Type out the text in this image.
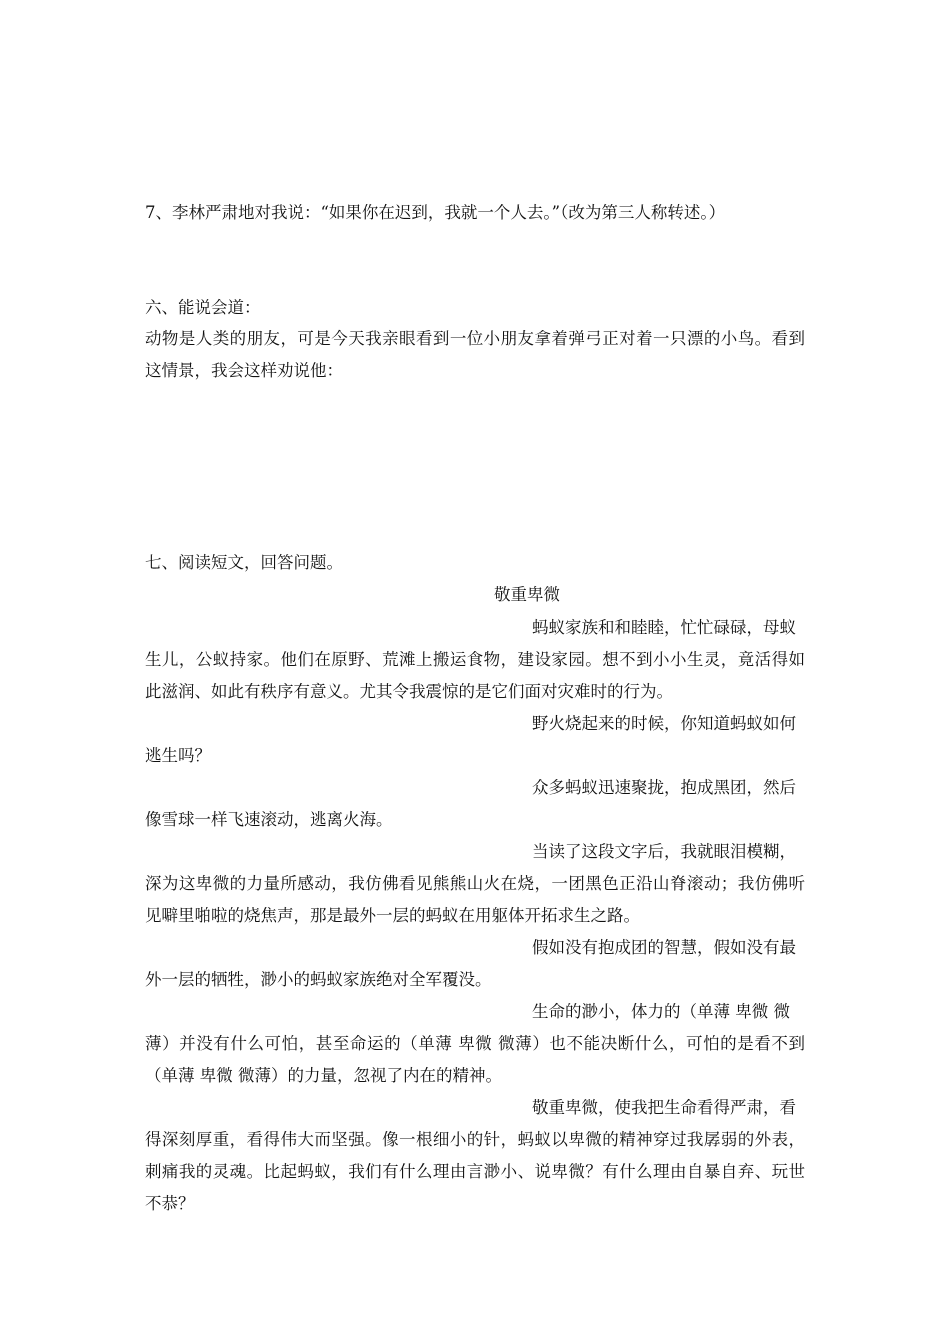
7、李林严肃地对我说：“如果你在迟到，我就一个人去。”（改为第三人称转述。）
六、能说会道：
动物是人类的朋友，可是今天我亲眼看到一位小朋友拿着弹弓正对着一只漂的小鸟。看到
这情景，我会这样劝说他：
七、阅读短文，回答问题。
敬重卑微
蚂蚁家族和和睦睦，忙忙碌碌，母蚁
生儿，公蚁持家。他们在原野、荒滩上搬运食物，建设家园。想不到小小生灵，竟活得如
此滋润、如此有秩序有意义。尤其令我震惊的是它们面对灾难时的行为。
野火烧起来的时候，你知道蚂蚁如何
逃生吗？
众多蚂蚁迅速聚拢，抱成黑团，然后
像雪球一样飞速滚动，逃离火海。
当读了这段文字后，我就眼泪模糊，
深为这卑微的力量所感动，我仿佛看见熊熊山火在烧，一团黑色正沿山脊滚动；我仿佛听
见噼里啪啦的烧焦声，那是最外一层的蚂蚁在用躯体开拓求生之路。
假如没有抱成团的智慧，假如没有最
外一层的牺牲，渺小的蚂蚁家族绝对全军覆没。
生命的渺小，体力的（单薄 卑微 微
薄）并没有什么可怕，甚至命运的（单薄 卑微 微薄）也不能决断什么，可怕的是看不到
（单薄 卑微 微薄）的力量，忽视了内在的精神。
敬重卑微，使我把生命看得严肃，看
得深刻厚重，看得伟大而坚强。像一根细小的针，蚂蚁以卑微的精神穿过我孱弱的外表，
刺痛我的灵魂。比起蚂蚁，我们有什么理由言渺小、说卑微？有什么理由自暴自弃、玩世
不恭？
